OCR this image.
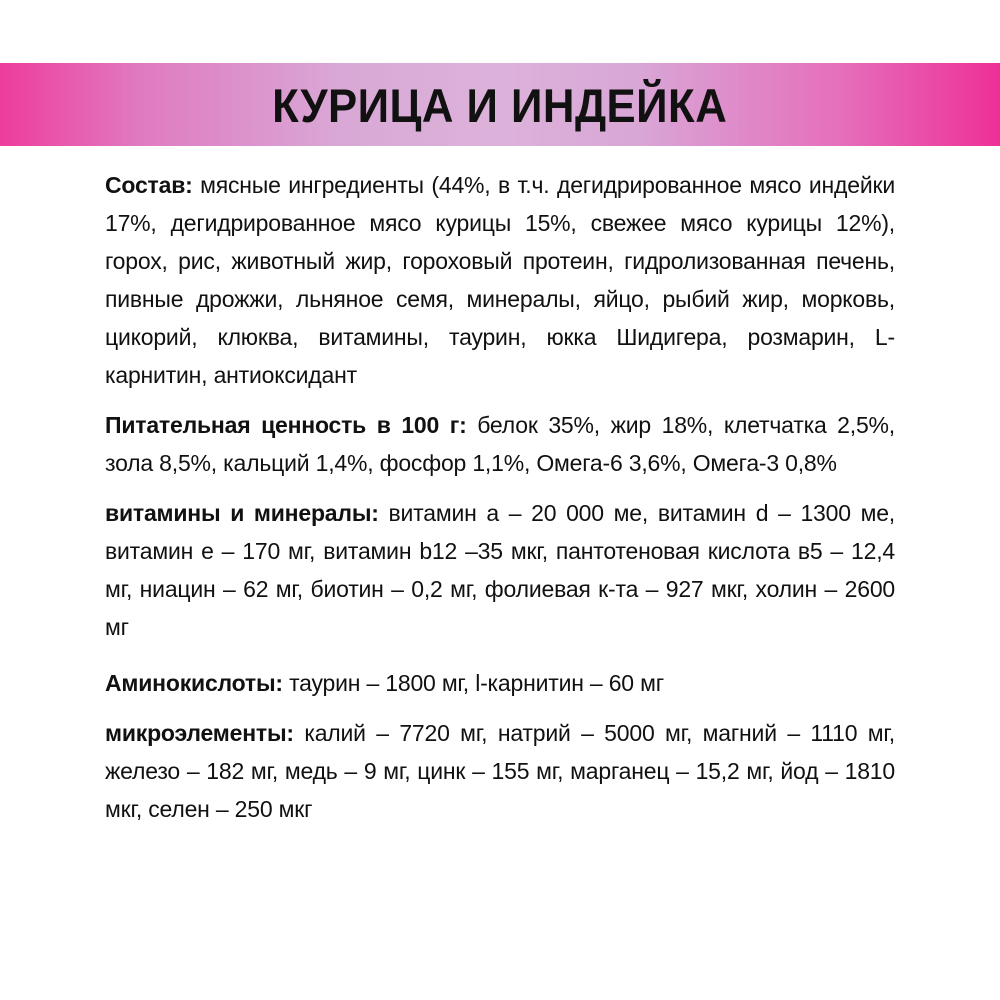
КУРИЦА И ИНДЕЙКА

Состав: мясные ингредиенты (44%, в т.ч. дегидрированное мясо индейки 17%, дегидрированное мясо курицы 15%, свежее мясо курицы 12%), горох, рис, животный жир, гороховый протеин, гидролизованная печень, пивные дрожжи, льняное семя, минералы, яйцо, рыбий жир, морковь, цикорий, клюква, витамины, таурин, юкка Шидигера, розмарин, L-карнитин, антиоксидант

Питательная ценность в 100 г: белок 35%, жир 18%, клетчатка 2,5%, зола 8,5%, кальций 1,4%, фосфор 1,1%, Омега-6 3,6%, Омега-3 0,8%

витамины и минералы: витамин а – 20 000 ме, витамин d – 1300 ме, витамин е – 170 мг, витамин b12 –35 мкг, пантотеновая кислота в5 – 12,4 мг, ниацин – 62 мг, биотин – 0,2 мг, фолиевая к-та – 927 мкг, холин – 2600 мг

Аминокислоты: таурин – 1800 мг, l-карнитин – 60 мг

микроэлементы: калий – 7720 мг, натрий – 5000 мг, магний – 1110 мг, железо – 182 мг, медь – 9 мг, цинк – 155 мг, марганец – 15,2 мг, йод – 1810 мкг, селен – 250 мкг
